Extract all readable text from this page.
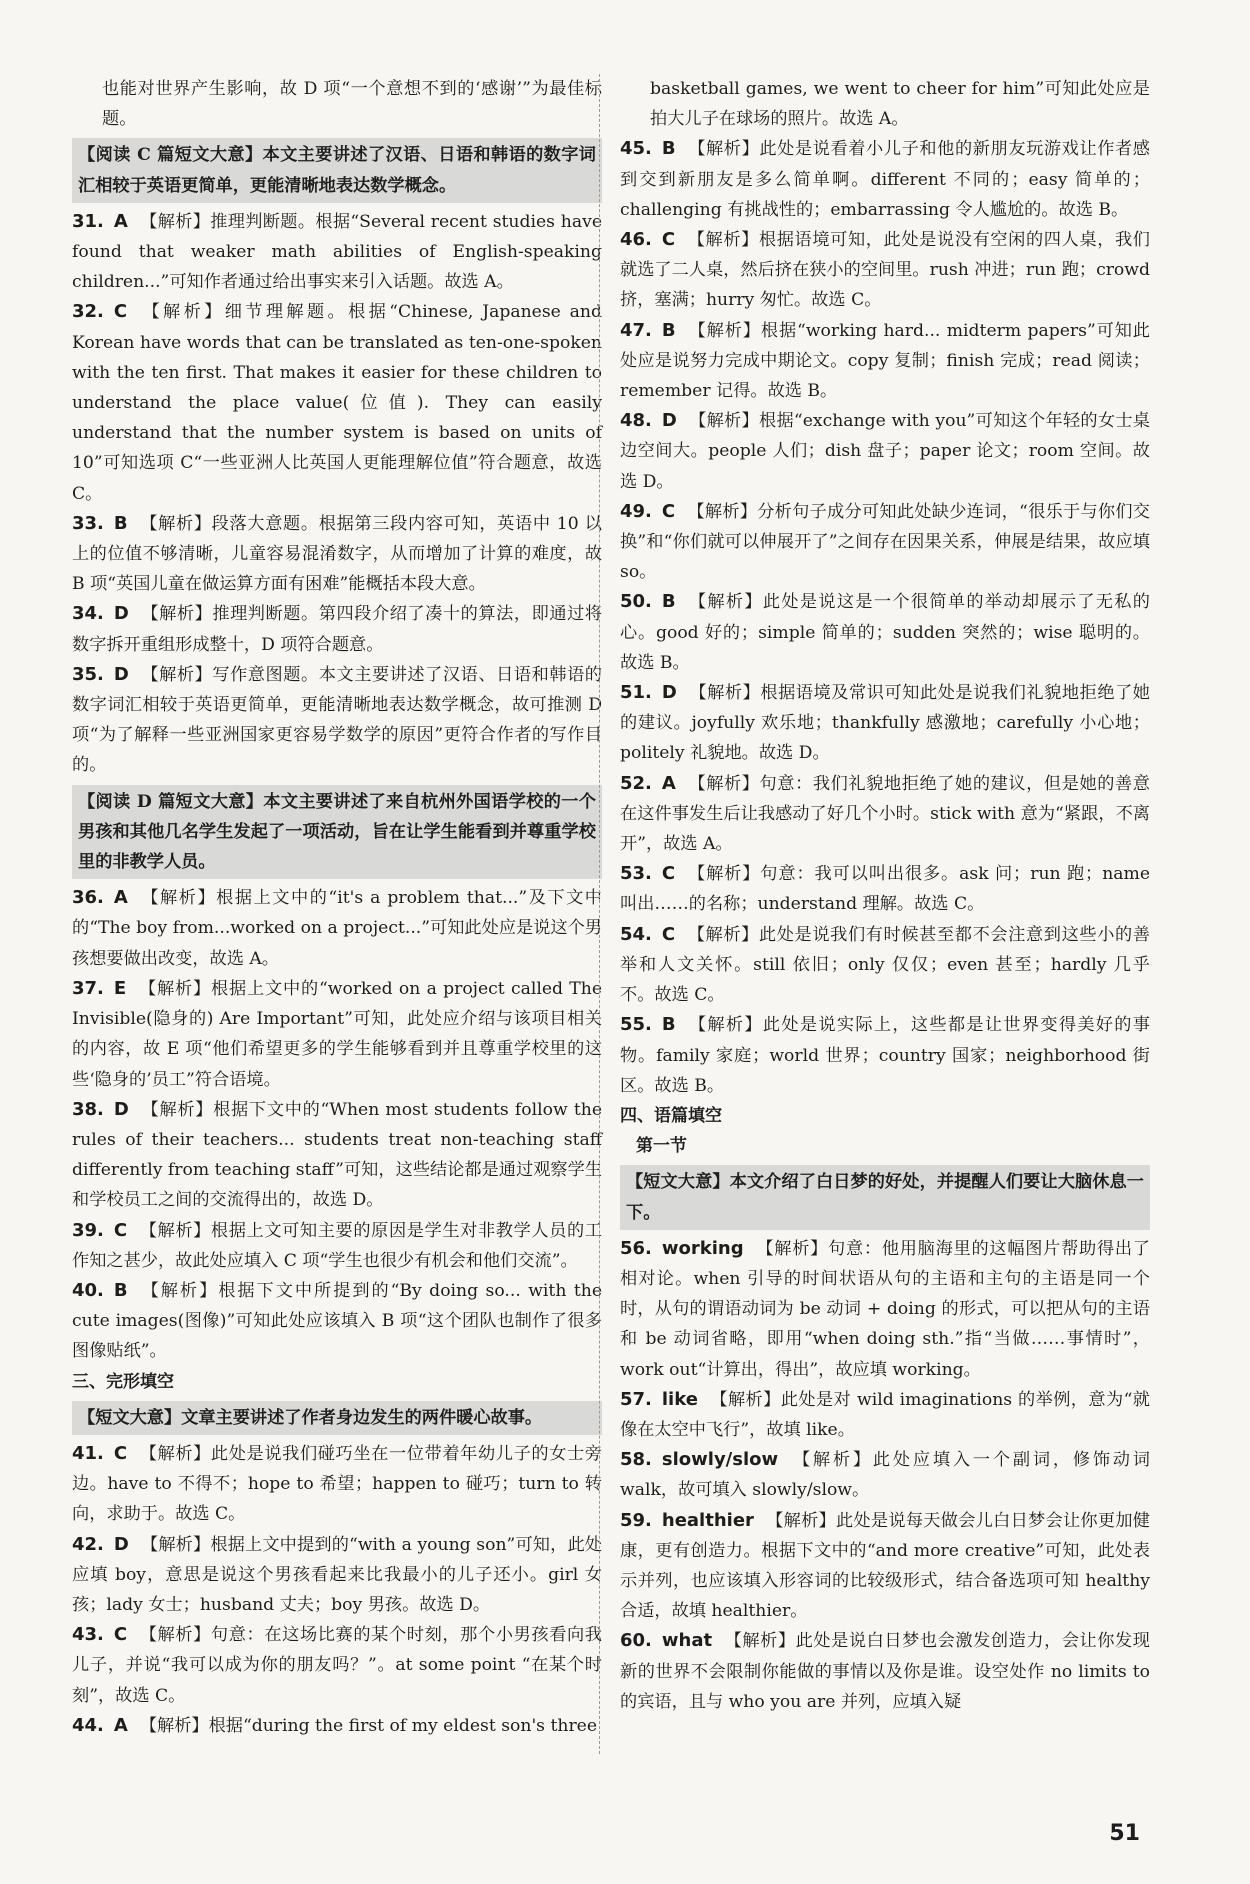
也能对世界产生影响，故 D 项“一个意想不到的‘感谢’”为最佳标题。

【阅读 C 篇短文大意】本文主要讲述了汉语、日语和韩语的数字词汇相较于英语更简单，更能清晰地表达数学概念。
31. A 【解析】推理判断题。根据“Several recent studies have found that weaker math abilities of English-speaking children...”可知作者通过给出事实来引入话题。故选 A。
32. C 【解析】细节理解题。根据“Chinese, Japanese and Korean have words that can be translated as ten-one-spoken with the ten first. That makes it easier for these children to understand the place value(位值). They can easily understand that the number system is based on units of 10”可知选项 C“一些亚洲人比英国人更能理解位值”符合题意，故选 C。
33. B 【解析】段落大意题。根据第三段内容可知，英语中 10 以上的位值不够清晰，儿童容易混淆数字，从而增加了计算的难度，故 B 项“英国儿童在做运算方面有困难”能概括本段大意。
34. D 【解析】推理判断题。第四段介绍了凑十的算法，即通过将数字拆开重组形成整十，D 项符合题意。
35. D 【解析】写作意图题。本文主要讲述了汉语、日语和韩语的数字词汇相较于英语更简单，更能清晰地表达数学概念，故可推测 D 项“为了解释一些亚洲国家更容易学数学的原因”更符合作者的写作目的。
【阅读 D 篇短文大意】本文主要讲述了来自杭州外国语学校的一个男孩和其他几名学生发起了一项活动，旨在让学生能看到并尊重学校里的非教学人员。
36. A 【解析】根据上文中的“it's a problem that...”及下文中的“The boy from...worked on a project...”可知此处应是说这个男孩想要做出改变，故选 A。
37. E 【解析】根据上文中的“worked on a project called The Invisible(隐身的) Are Important”可知，此处应介绍与该项目相关的内容，故 E 项“他们希望更多的学生能够看到并且尊重学校里的这些‘隐身的’员工”符合语境。
38. D 【解析】根据下文中的“When most students follow the rules of their teachers... students treat non-teaching staff differently from teaching staff”可知，这些结论都是通过观察学生和学校员工之间的交流得出的，故选 D。
39. C 【解析】根据上文可知主要的原因是学生对非教学人员的工作知之甚少，故此处应填入 C 项“学生也很少有机会和他们交流”。
40. B 【解析】根据下文中所提到的“By doing so... with the cute images(图像)”可知此处应该填入 B 项“这个团队也制作了很多图像贴纸”。

三、完形填空

【短文大意】文章主要讲述了作者身边发生的两件暖心故事。
41. C 【解析】此处是说我们碰巧坐在一位带着年幼儿子的女士旁边。have to 不得不；hope to 希望；happen to 碰巧；turn to 转向，求助于。故选 C。
42. D 【解析】根据上文中提到的“with a young son”可知，此处应填 boy，意思是说这个男孩看起来比我最小的儿子还小。girl 女孩；lady 女士；husband 丈夫；boy 男孩。故选 D。
43. C 【解析】句意：在这场比赛的某个时刻，那个小男孩看向我儿子，并说“我可以成为你的朋友吗？”。at some point “在某个时刻”，故选 C。
44. A 【解析】根据“during the first of my eldest son's three

basketball games, we went to cheer for him”可知此处应是拍大儿子在球场的照片。故选 A。

45. B 【解析】此处是说看着小儿子和他的新朋友玩游戏让作者感到交到新朋友是多么简单啊。different 不同的；easy 简单的；challenging 有挑战性的；embarrassing 令人尴尬的。故选 B。
46. C 【解析】根据语境可知，此处是说没有空闲的四人桌，我们就选了二人桌，然后挤在狭小的空间里。rush 冲进；run 跑；crowd 挤，塞满；hurry 匆忙。故选 C。
47. B 【解析】根据“working hard... midterm papers”可知此处应是说努力完成中期论文。copy 复制；finish 完成；read 阅读；remember 记得。故选 B。
48. D 【解析】根据“exchange with you”可知这个年轻的女士桌边空间大。people 人们；dish 盘子；paper 论文；room 空间。故选 D。
49. C 【解析】分析句子成分可知此处缺少连词，“很乐于与你们交换”和“你们就可以伸展开了”之间存在因果关系，伸展是结果，故应填 so。
50. B 【解析】此处是说这是一个很简单的举动却展示了无私的心。good 好的；simple 简单的；sudden 突然的；wise 聪明的。故选 B。
51. D 【解析】根据语境及常识可知此处是说我们礼貌地拒绝了她的建议。joyfully 欢乐地；thankfully 感激地；carefully 小心地；politely 礼貌地。故选 D。
52. A 【解析】句意：我们礼貌地拒绝了她的建议，但是她的善意在这件事发生后让我感动了好几个小时。stick with 意为“紧跟，不离开”，故选 A。
53. C 【解析】句意：我可以叫出很多。ask 问；run 跑；name 叫出……的名称；understand 理解。故选 C。
54. C 【解析】此处是说我们有时候甚至都不会注意到这些小的善举和人文关怀。still 依旧；only 仅仅；even 甚至；hardly 几乎不。故选 C。
55. B 【解析】此处是说实际上，这些都是让世界变得美好的事物。family 家庭；world 世界；country 国家；neighborhood 街区。故选 B。

四、语篇填空

第一节

【短文大意】本文介绍了白日梦的好处，并提醒人们要让大脑休息一下。
56. working 【解析】句意：他用脑海里的这幅图片帮助得出了相对论。when 引导的时间状语从句的主语和主句的主语是同一个时，从句的谓语动词为 be 动词 + doing 的形式，可以把从句的主语和 be 动词省略，即用“when doing sth.”指“当做……事情时”，work out“计算出，得出”，故应填 working。
57. like 【解析】此处是对 wild imaginations 的举例，意为“就像在太空中飞行”，故填 like。
58. slowly/slow 【解析】此处应填入一个副词，修饰动词 walk，故可填入 slowly/slow。
59. healthier 【解析】此处是说每天做会儿白日梦会让你更加健康，更有创造力。根据下文中的“and more creative”可知，此处表示并列，也应该填入形容词的比较级形式，结合备选项可知 healthy 合适，故填 healthier。
60. what 【解析】此处是说白日梦也会激发创造力，会让你发现新的世界不会限制你能做的事情以及你是谁。设空处作 no limits to 的宾语，且与 who you are 并列，应填入疑
51
